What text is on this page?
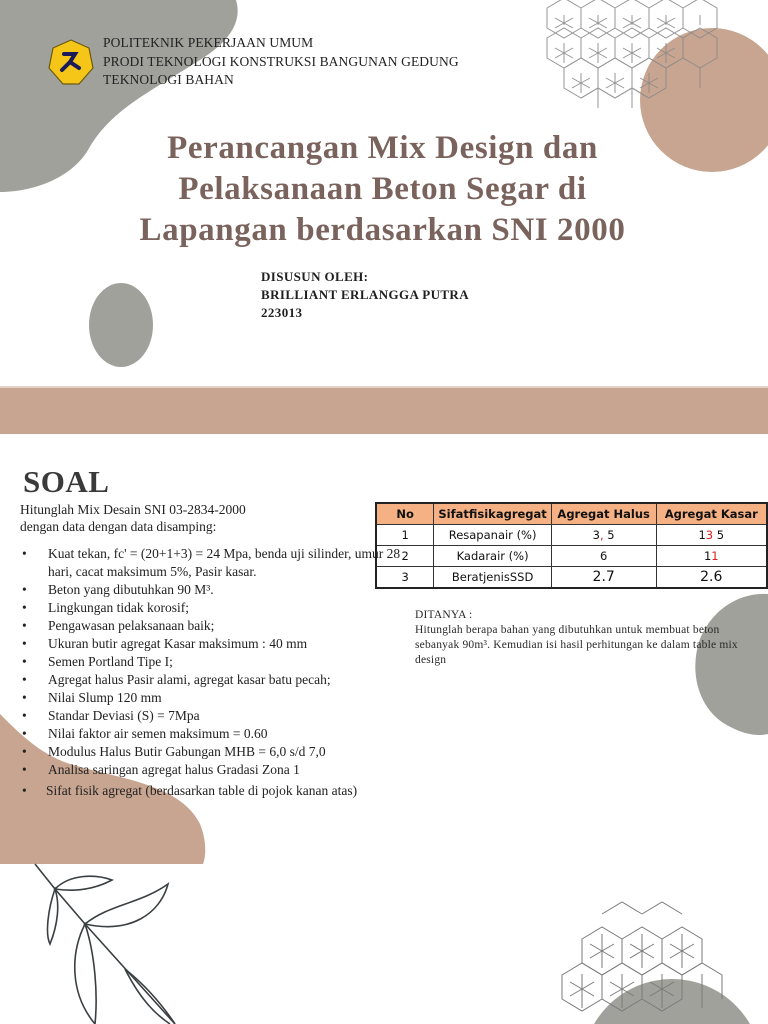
POLITEKNIK PEKERJAAN UMUM
PRODI TEKNOLOGI KONSTRUKSI BANGUNAN GEDUNG
TEKNOLOGI BAHAN
Perancangan Mix Design dan
Pelaksanaan Beton Segar di
Lapangan berdasarkan SNI 2000
DISUSUN OLEH:
BRILLIANT ERLANGGA PUTRA
223013
SOAL
Hitunglah Mix Desain SNI 03-2834-2000
dengan data dengan data disamping:
• Kuat tekan, fc' = (20+1+3) = 24 Mpa, benda uji silinder, umur 28
hari, cacat maksimum 5%, Pasir kasar.
• Beton yang dibutuhkan 90 M³.
• Lingkungan tidak korosif;
• Pengawasan pelaksanaan baik;
• Ukuran butir agregat Kasar maksimum : 40 mm
• Semen Portland Tipe I;
• Agregat halus Pasir alami, agregat kasar batu pecah;
• Nilai Slump 120 mm
• Standar Deviasi (S) = 7Mpa
• Nilai faktor air semen maksimum = 0.60
• Modulus Halus Butir Gabungan MHB = 6,0 s/d 7,0
• Analisa saringan agregat halus Gradasi Zona 1
• Sifat fisik agregat (berdasarkan table di pojok kanan atas)
No	Sifatfisikagregat	Agregat Halus	Agregat Kasar
1	Resapanair (%)	3, 5	13 5
2	Kadarair (%)	6	11
3	BeratjenisSSD	2.7	2.6
DITANYA :
Hitunglah berapa bahan yang dibutuhkan untuk membuat beton sebanyak 90m³. Kemudian isi hasil perhitungan ke dalam table mix design
